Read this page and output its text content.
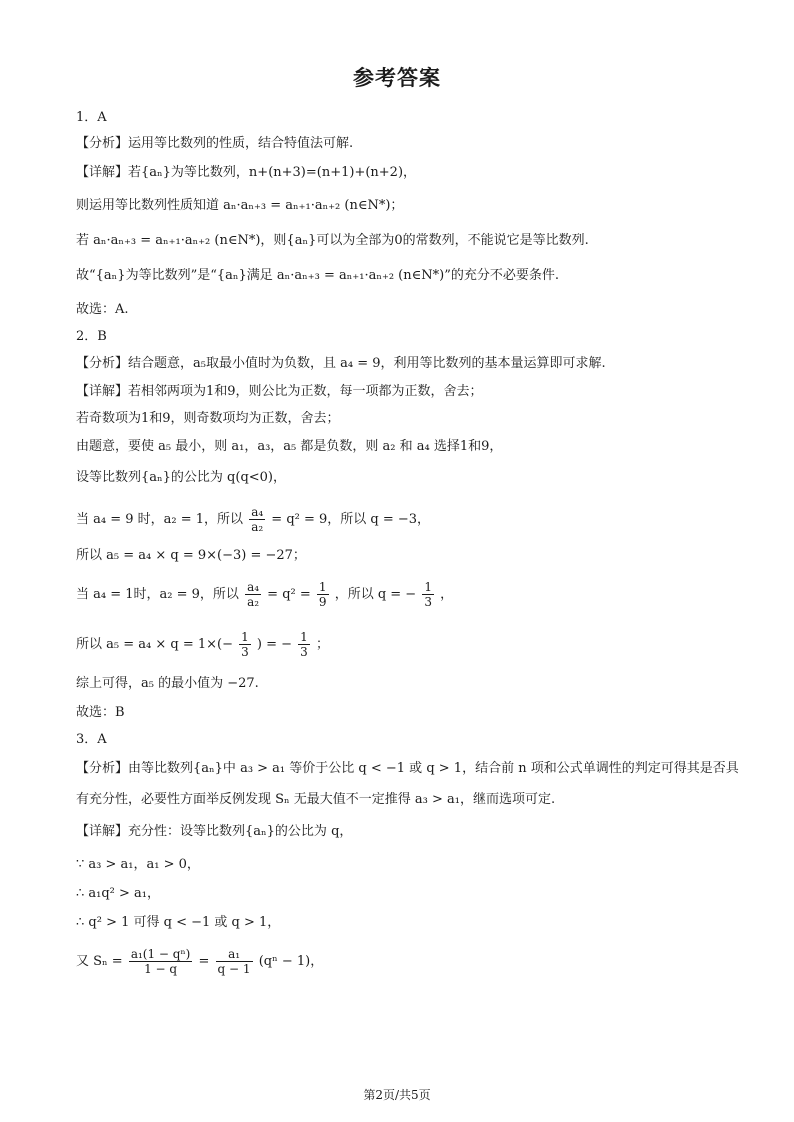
参考答案
1．A
【分析】运用等比数列的性质，结合特值法可解.
【详解】若{aₙ}为等比数列，n+(n+3)=(n+1)+(n+2)，
则运用等比数列性质知道 aₙ·aₙ₊₃ = aₙ₊₁·aₙ₊₂ (n∈N*)；
若 aₙ·aₙ₊₃ = aₙ₊₁·aₙ₊₂ (n∈N*)，则{aₙ}可以为全部为0的常数列，不能说它是等比数列.
故“{aₙ}为等比数列”是“{aₙ}满足 aₙ·aₙ₊₃ = aₙ₊₁·aₙ₊₂ (n∈N*)”的充分不必要条件.
故选：A.
2．B
【分析】结合题意，a₅取最小值时为负数，且 a₄ = 9，利用等比数列的基本量运算即可求解.
【详解】若相邻两项为1和9，则公比为正数，每一项都为正数，舍去；
若奇数项为1和9，则奇数项均为正数，舍去；
由题意，要使 a₅ 最小，则 a₁，a₃，a₅ 都是负数，则 a₂ 和 a₄ 选择1和9，
设等比数列{aₙ}的公比为 q(q<0)，
当 a₄ = 9 时，a₂ = 1，所以 $\frac{\text{a₄}}{\text{a₂}} = q^2 = 9$，所以 q = −3，
所以 a₅ = a₄ × q = 9×(−3) = −27；
当 a₄ = 1时，a₂ = 9，所以 $\frac{\text{a₄}}{\text{a₂}} = q^2 = \frac{1}{9}$ ，所以 q = − $\frac{1}{3}$ ，
所以 $a_5 = a_4 \times q = 1\times(- \frac{1}{3}$ ) = − $\frac{1}{3}$ ；
综上可得，a₅ 的最小值为 −27.
故选：B
3．A
【分析】由等比数列{aₙ}中 a₃ > a₁ 等价于公比 q < −1 或 q > 1，结合前 n 项和公式单调性的判定可得其是否具
有充分性，必要性方面举反例发现 Sₙ 无最大值不一定推得 a₃ > a₁，继而选项可定.
【详解】充分性：设等比数列{aₙ}的公比为 q，
∵ a₃ > a₁，a₁ > 0，
∴ a₁q² > a₁，
∴ q² > 1 可得 q < −1 或 q > 1，
又 $S_n = \frac{\text{a₁(1 − qⁿ)}}{1 - q} = \frac{\text{a₁}}{q - 1} (q^n - 1)$，
第2页/共5页
